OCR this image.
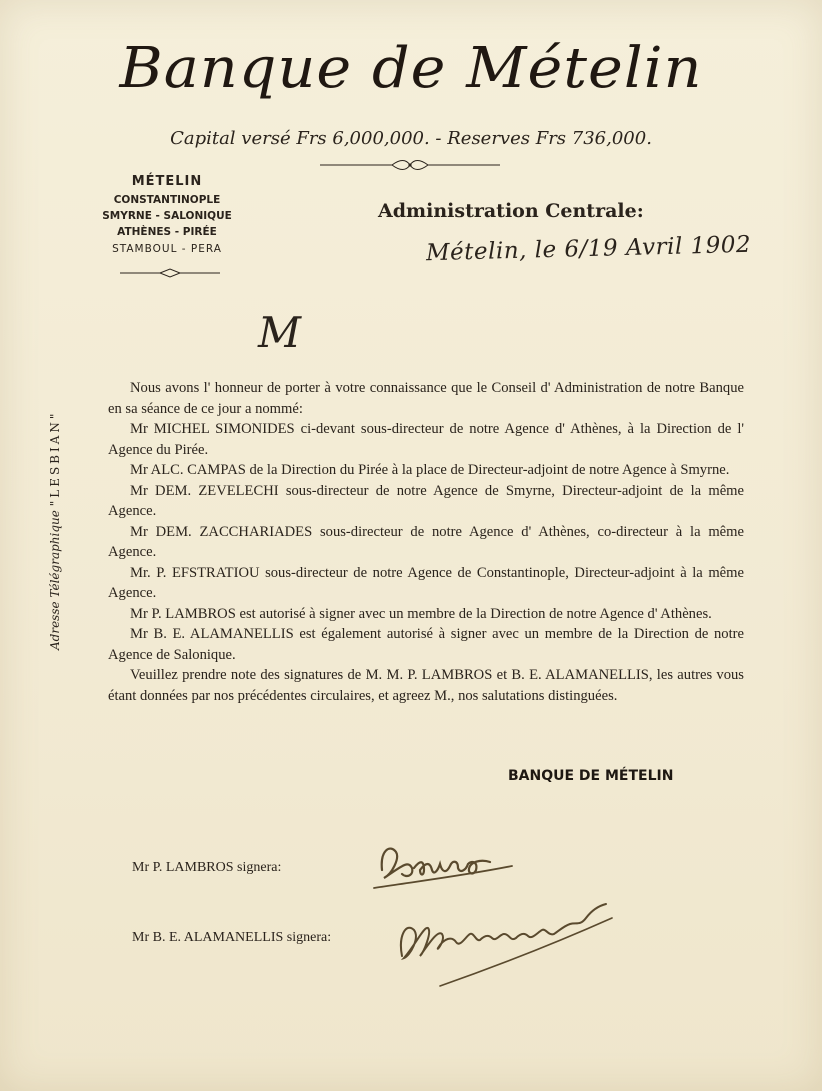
Banque de Mételin
Capital versé Frs 6,000,000. - Reserves Frs 736,000.
MÉTELIN
CONSTANTINOPLE
SMYRNE - SALONIQUE
ATHÈNES - PIRÉE
STAMBOUL - PERA
Administration Centrale:
Mételin, le 6/19 Avril 1902
M
Adresse Télégraphique "LESBIAN"

Nous avons l' honneur de porter à votre connaissance que le Conseil d' Administration de notre Banque en sa séance de ce jour a nommé:

Mr MICHEL SIMONIDES ci-devant sous-directeur de notre Agence d' Athènes, à la Direction de l' Agence du Pirée.

Mr ALC. CAMPAS de la Direction du Pirée à la place de Directeur-adjoint de notre Agence à Smyrne.

Mr DEM. ZEVELECHI sous-directeur de notre Agence de Smyrne, Directeur-adjoint de la même Agence.

Mr DEM. ZACCHARIADES sous-directeur de notre Agence d' Athènes, co-directeur à la même Agence.

Mr. P. EFSTRATIOU sous-directeur de notre Agence de Constantinople, Directeur-adjoint à la même Agence.

Mr P. LAMBROS est autorisé à signer avec un membre de la Direction de notre Agence d' Athènes.

Mr B. E. ALAMANELLIS est également autorisé à signer avec un membre de la Direction de notre Agence de Salonique.

Veuillez prendre note des signatures de M. M. P. LAMBROS et B. E. ALAMANELLIS, les autres vous étant données par nos précédentes circulaires, et agreez M., nos salutations distinguées.

BANQUE DE MÉTELIN
Mr P. LAMBROS signera:
Mr B. E. ALAMANELLIS signera:
